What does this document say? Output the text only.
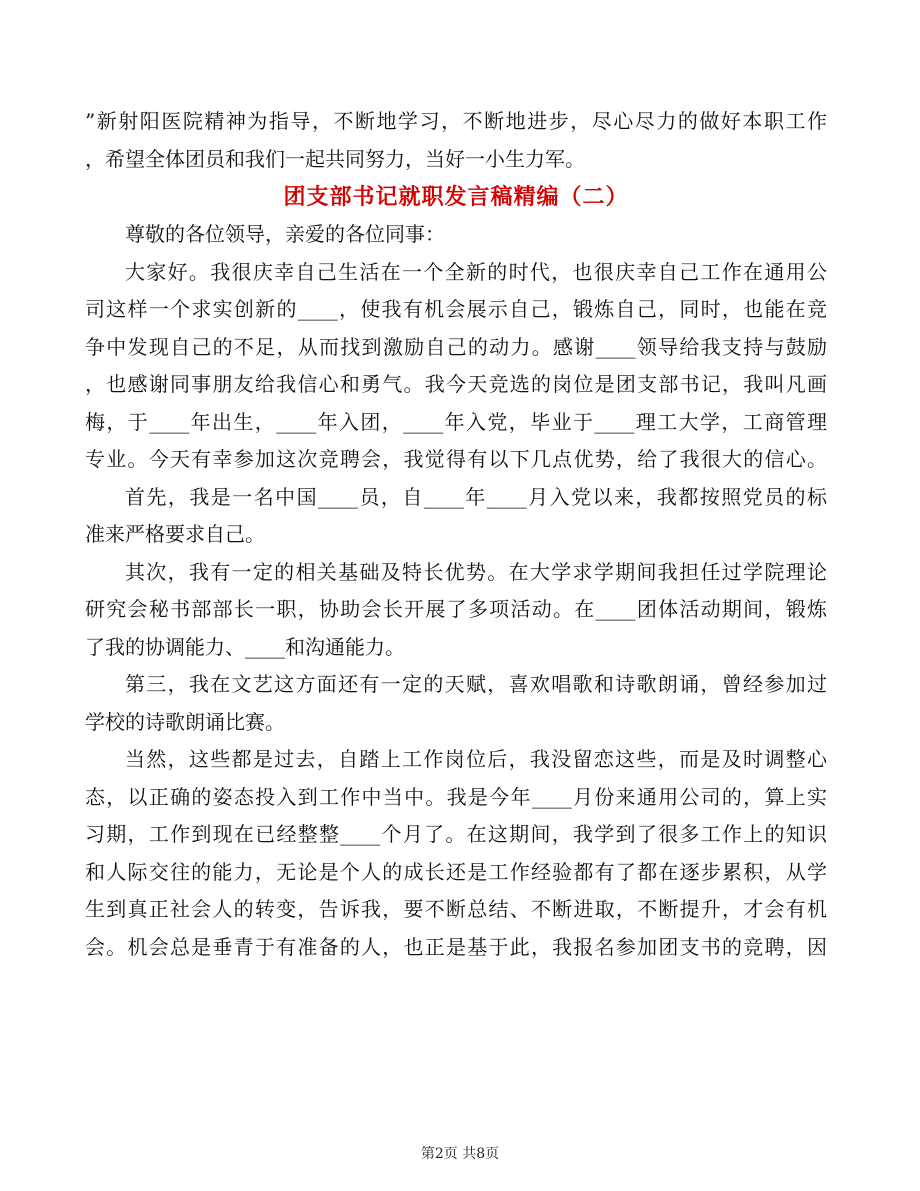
”新射阳医院精神为指导，不断地学习，不断地进步，尽心尽力的做好本职工作
，希望全体团员和我们一起共同努力，当好一小生力军。
团支部书记就职发言稿精编（二）
尊敬的各位领导，亲爱的各位同事：
大家好。我很庆幸自己生活在一个全新的时代，也很庆幸自己工作在通用公
司这样一个求实创新的____，使我有机会展示自己，锻炼自己，同时，也能在竞
争中发现自己的不足，从而找到激励自己的动力。感谢____领导给我支持与鼓励
，也感谢同事朋友给我信心和勇气。我今天竞选的岗位是团支部书记，我叫凡画
梅，于____年出生，____年入团，____年入党，毕业于____理工大学，工商管理
专业。今天有幸参加这次竞聘会，我觉得有以下几点优势，给了我很大的信心。
首先，我是一名中国____员，自____年____月入党以来，我都按照党员的标
准来严格要求自己。
其次，我有一定的相关基础及特长优势。在大学求学期间我担任过学院理论
研究会秘书部部长一职，协助会长开展了多项活动。在____团体活动期间，锻炼
了我的协调能力、____和沟通能力。
第三，我在文艺这方面还有一定的天赋，喜欢唱歌和诗歌朗诵，曾经参加过
学校的诗歌朗诵比赛。
当然，这些都是过去，自踏上工作岗位后，我没留恋这些，而是及时调整心
态，以正确的姿态投入到工作中当中。我是今年____月份来通用公司的，算上实
习期，工作到现在已经整整____个月了。在这期间，我学到了很多工作上的知识
和人际交往的能力，无论是个人的成长还是工作经验都有了都在逐步累积，从学
生到真正社会人的转变，告诉我，要不断总结、不断进取，不断提升，才会有机
会。机会总是垂青于有准备的人，也正是基于此，我报名参加团支书的竞聘，因
第2页 共8页
